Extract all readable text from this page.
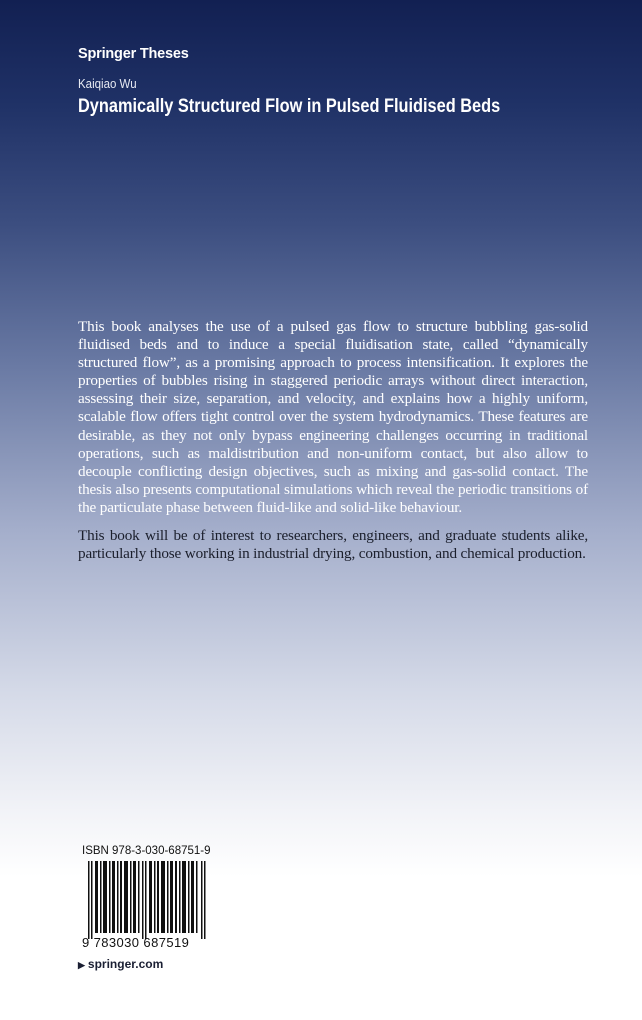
Springer Theses
Kaiqiao Wu
Dynamically Structured Flow in Pulsed Fluidised Beds

This book analyses the use of a pulsed gas flow to structure bubbling gas-solid fluidised beds and to induce a special fluidisation state, called “dynamically structured flow”, as a promising approach to process intensification. It explores the properties of bubbles rising in staggered periodic arrays without direct interaction, assessing their size, separation, and velocity, and explains how a highly uniform, scalable flow offers tight control over the system hydrodynamics. These features are desirable, as they not only bypass engineering challenges occurring in traditional operations, such as maldistribution and non-uniform contact, but also allow to decouple conflicting design objectives, such as mixing and gas-solid contact. The thesis also presents computational simulations which reveal the periodic transitions of the particulate phase between fluid-like and solid-like behaviour.

This book will be of interest to researchers, engineers, and graduate students alike, particularly those working in industrial drying, combustion, and chemical production.

ISBN 978-3-030-68751-9
9 783030 687519
▶ springer.com
